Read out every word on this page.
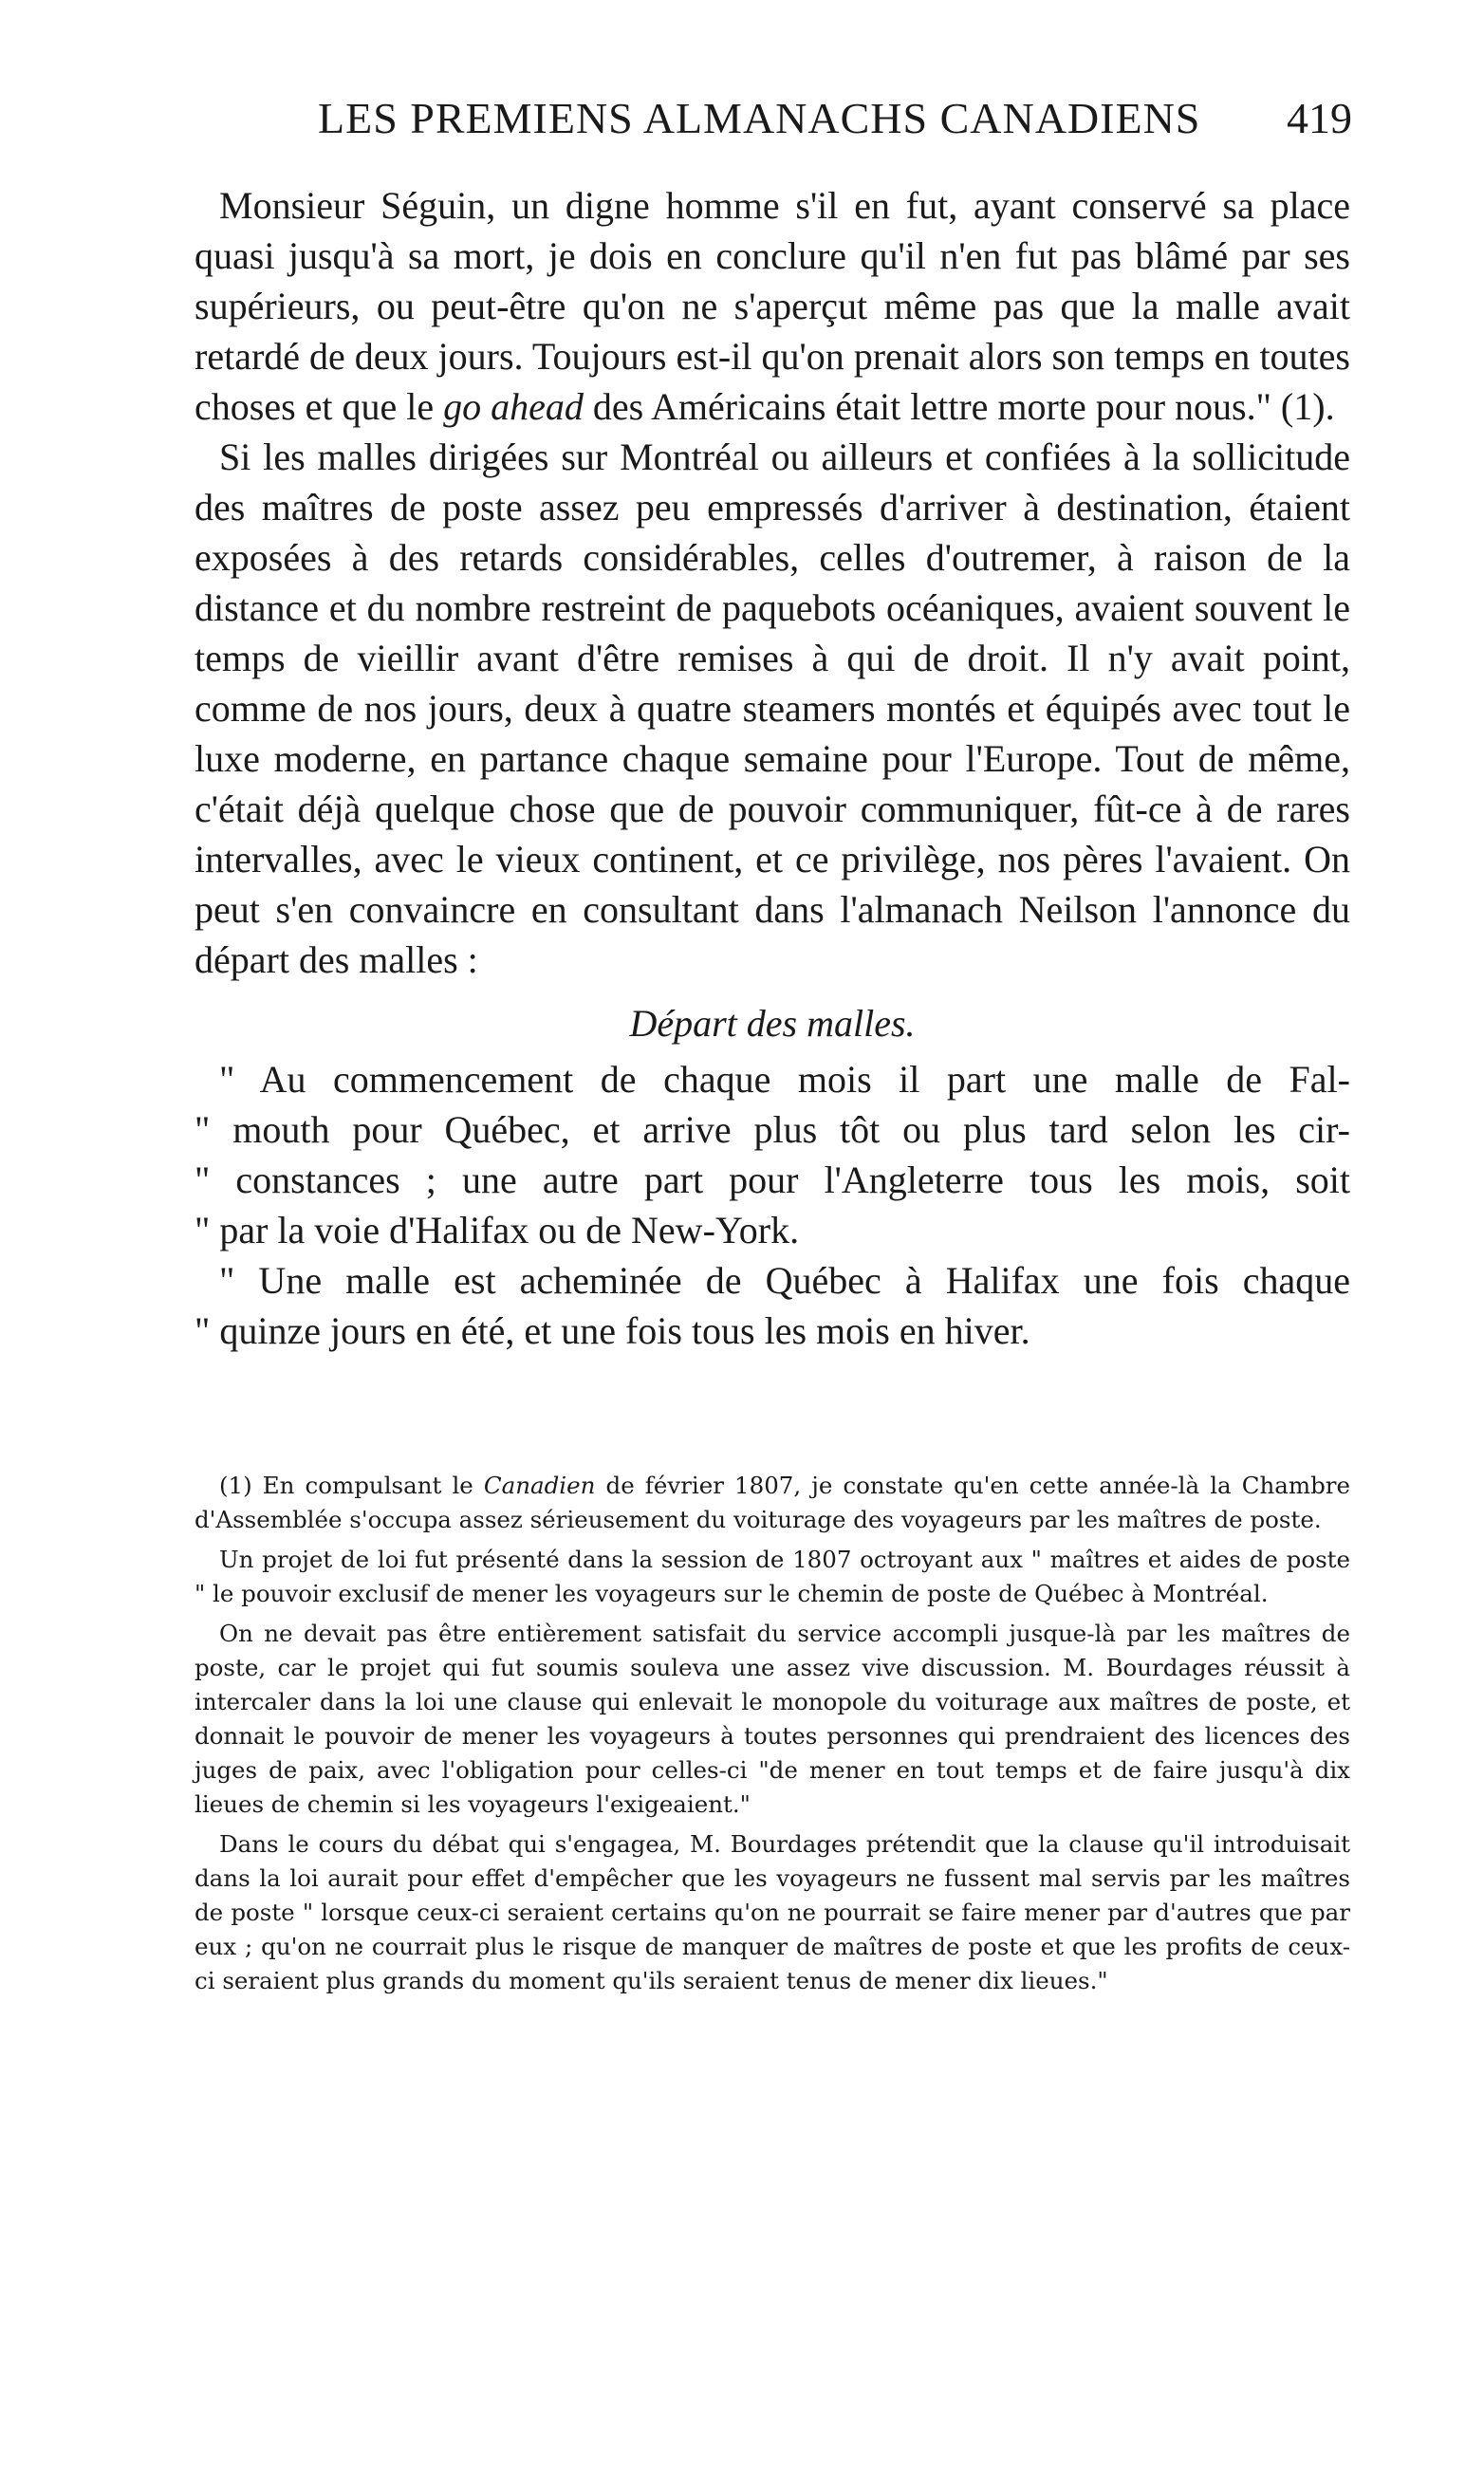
LES PREMIENS ALMANACHS CANADIENS 419

Monsieur Séguin, un digne homme s'il en fut, ayant conservé sa place quasi jusqu'à sa mort, je dois en conclure qu'il n'en fut pas blâmé par ses supérieurs, ou peut-être qu'on ne s'aperçut même pas que la malle avait retardé de deux jours. Toujours est-il qu'on prenait alors son temps en toutes choses et que le go ahead des Américains était lettre morte pour nous." (1).

Si les malles dirigées sur Montréal ou ailleurs et confiées à la sollicitude des maîtres de poste assez peu empressés d'arriver à destination, étaient exposées à des retards considérables, celles d'outremer, à raison de la distance et du nombre restreint de paquebots océaniques, avaient souvent le temps de vieillir avant d'être remises à qui de droit. Il n'y avait point, comme de nos jours, deux à quatre steamers montés et équipés avec tout le luxe moderne, en partance chaque semaine pour l'Europe. Tout de même, c'était déjà quelque chose que de pouvoir communiquer, fût-ce à de rares intervalles, avec le vieux continent, et ce privilège, nos pères l'avaient. On peut s'en convaincre en consultant dans l'almanach Neilson l'annonce du départ des malles :

Départ des malles.
" Au commencement de chaque mois il part une malle de Fal-
" mouth pour Québec, et arrive plus tôt ou plus tard selon les cir-
" constances ; une autre part pour l'Angleterre tous les mois, soit
" par la voie d'Halifax ou de New-York.
" Une malle est acheminée de Québec à Halifax une fois chaque
" quinze jours en été, et une fois tous les mois en hiver.

(1) En compulsant le Canadien de février 1807, je constate qu'en cette année-là la Chambre d'Assemblée s'occupa assez sérieusement du voiturage des voyageurs par les maîtres de poste.

Un projet de loi fut présenté dans la session de 1807 octroyant aux " maîtres et aides de poste " le pouvoir exclusif de mener les voyageurs sur le chemin de poste de Québec à Montréal.

On ne devait pas être entièrement satisfait du service accompli jusque-là par les maîtres de poste, car le projet qui fut soumis souleva une assez vive discussion. M. Bourdages réussit à intercaler dans la loi une clause qui enlevait le monopole du voiturage aux maîtres de poste, et donnait le pouvoir de mener les voyageurs à toutes personnes qui prendraient des licences des juges de paix, avec l'obligation pour celles-ci "de mener en tout temps et de faire jusqu'à dix lieues de chemin si les voyageurs l'exigeaient."

Dans le cours du débat qui s'engagea, M. Bourdages prétendit que la clause qu'il introduisait dans la loi aurait pour effet d'empêcher que les voyageurs ne fussent mal servis par les maîtres de poste " lorsque ceux-ci seraient certains qu'on ne pourrait se faire mener par d'autres que par eux ; qu'on ne courrait plus le risque de manquer de maîtres de poste et que les profits de ceux-ci seraient plus grands du moment qu'ils seraient tenus de mener dix lieues."
